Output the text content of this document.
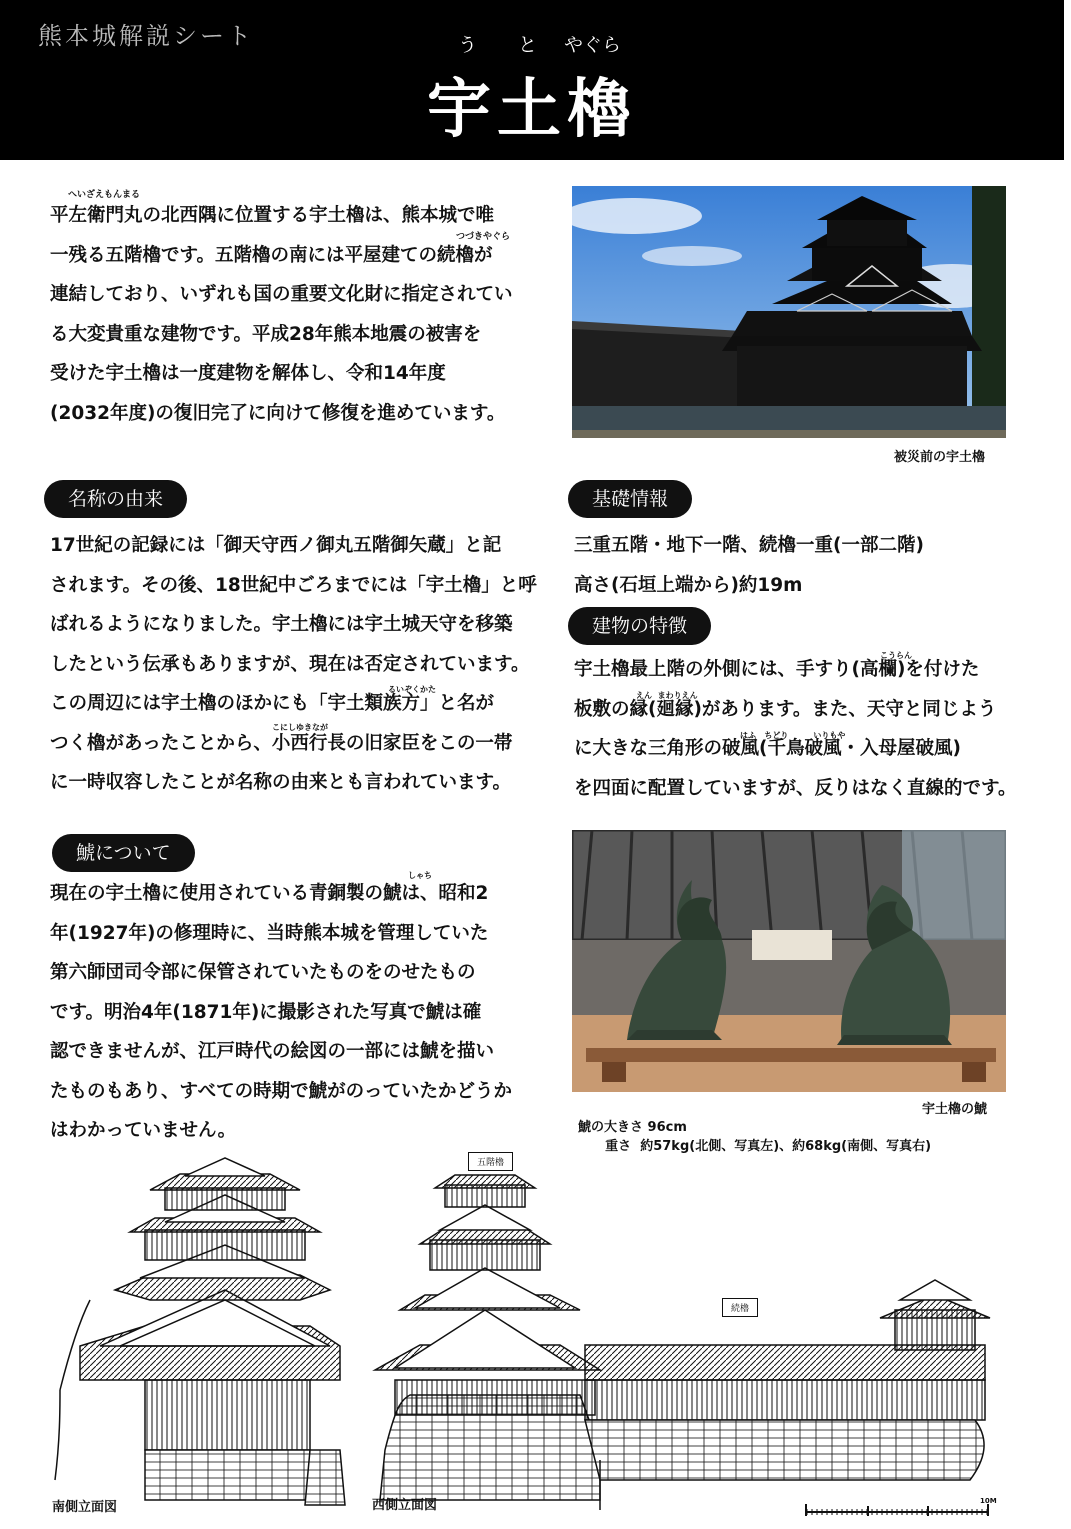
熊本城解説シート	う と やぐら
宇土櫓
へいざえもんまる
つづきやぐら
平左衛門丸の北西隅に位置する宇土櫓は、熊本城で唯
一残る五階櫓です。五階櫓の南には平屋建ての続櫓が
連結しており、いずれも国の重要文化財に指定されてい
る大変貴重な建物です。平成28年熊本地震の被害を
受けた宇土櫓は一度建物を解体し、令和14年度
(2032年度)の復旧完了に向けて修復を進めています。
被災前の宇土櫓
名称の由来
るいぞくかた
こにしゆきなが
17世紀の記録には「御天守西ノ御丸五階御矢蔵」と記
されます。その後、18世紀中ごろまでには「宇土櫓」と呼
ばれるようになりました。宇土櫓には宇土城天守を移築
したという伝承もありますが、現在は否定されています。
この周辺には宇土櫓のほかにも「宇土類族方」と名が
つく櫓があったことから、小西行長の旧家臣をこの一帯
に一時収容したことが名称の由来とも言われています。
基礎情報
三重五階・地下一階、続櫓一重(一部二階)
高さ(石垣上端から)約19m
建物の特徴
こうらん
えん  まわりえん
はふ   ちどり         いりもや
宇土櫓最上階の外側には、手すり(高欄)を付けた
板敷の縁(廻縁)があります。また、天守と同じよう
に大きな三角形の破風(千鳥破風・入母屋破風)
を四面に配置していますが、反りはなく直線的です。
鯱について
しゃち
現在の宇土櫓に使用されている青銅製の鯱は、昭和2
年(1927年)の修理時に、当時熊本城を管理していた
第六師団司令部に保管されていたものをのせたもの
です。明治4年(1871年)に撮影された写真で鯱は確
認できませんが、江戸時代の絵図の一部には鯱を描い
たものもあり、すべての時期で鯱がのっていたかどうか
はわかっていません。
宇土櫓の鯱
鯱の大きさ 96cm
重さ  約57kg(北側、写真左)、約68kg(南側、写真右)
五階櫓
続櫓
10M
南側立面図	西側立面図
